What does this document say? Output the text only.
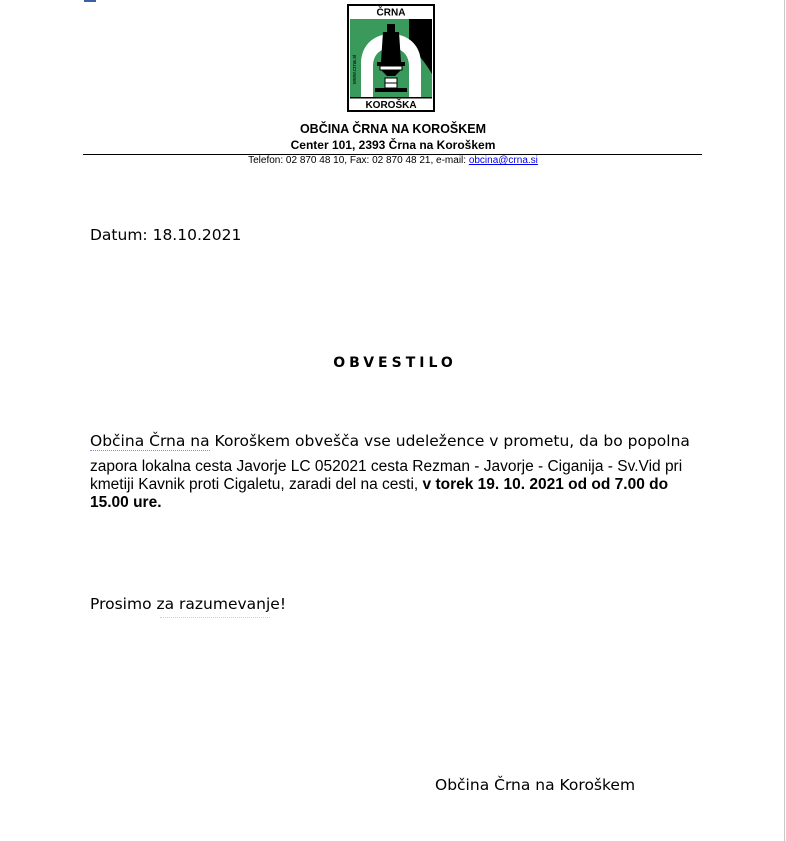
ČRNA
www.crna.si
KOROŠKA
OBČINA ČRNA NA KOROŠKEM
Center 101, 2393 Črna na Koroškem
Telefon: 02 870 48 10, Fax: 02 870 48 21, e-mail: obcina@crna.si
Datum: 18.10.2021
OBVESTILO
Občina Črna na Koroškem obvešča vse udeležence v prometu, da bo popolna
zapora lokalna cesta Javorje LC 052021 cesta Rezman - Javorje - Ciganija - Sv.Vid pri kmetiji Kavnik proti Cigaletu, zaradi del na cesti, v torek 19. 10. 2021 od od 7.00 do 15.00 ure.
Prosimo za razumevanje!
Občina Črna na Koroškem
